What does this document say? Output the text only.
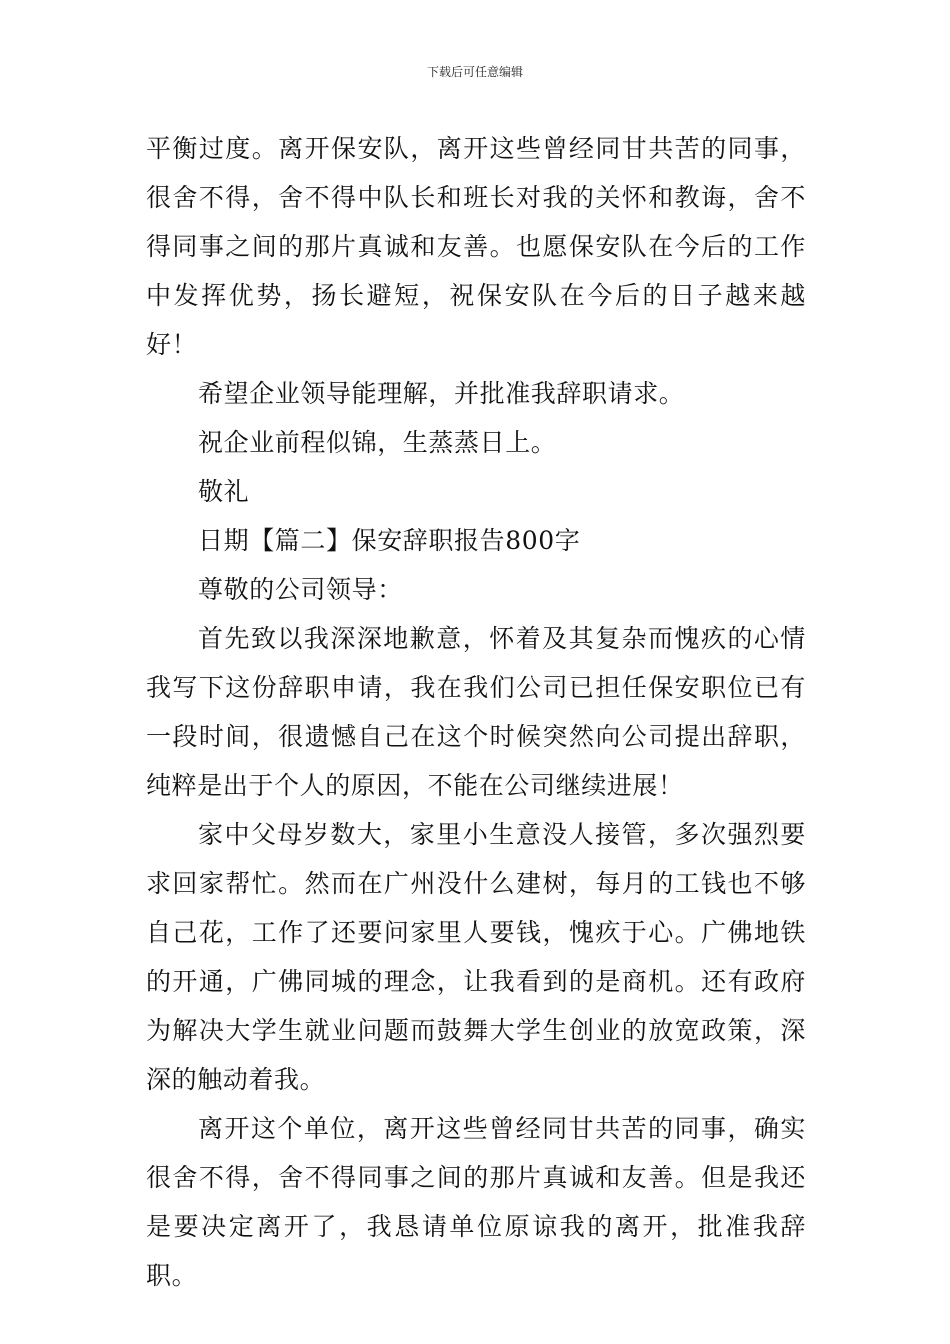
下载后可任意编辑

平衡过度。离开保安队，离开这些曾经同甘共苦的同事，很舍不得，舍不得中队长和班长对我的关怀和教诲，舍不得同事之间的那片真诚和友善。也愿保安队在今后的工作中发挥优势，扬长避短，祝保安队在今后的日子越来越好！

希望企业领导能理解，并批准我辞职请求。

祝企业前程似锦，生蒸蒸日上。

敬礼

日期【篇二】保安辞职报告800字

尊敬的公司领导：

首先致以我深深地歉意，怀着及其复杂而愧疚的心情我写下这份辞职申请，我在我们公司已担任保安职位已有一段时间，很遗憾自己在这个时候突然向公司提出辞职，纯粹是出于个人的原因，不能在公司继续进展！

家中父母岁数大，家里小生意没人接管，多次强烈要求回家帮忙。然而在广州没什么建树，每月的工钱也不够自己花，工作了还要问家里人要钱，愧疚于心。广佛地铁的开通，广佛同城的理念，让我看到的是商机。还有政府为解决大学生就业问题而鼓舞大学生创业的放宽政策，深深的触动着我。

离开这个单位，离开这些曾经同甘共苦的同事，确实很舍不得，舍不得同事之间的那片真诚和友善。但是我还是要决定离开了，我恳请单位原谅我的离开，批准我辞职。
